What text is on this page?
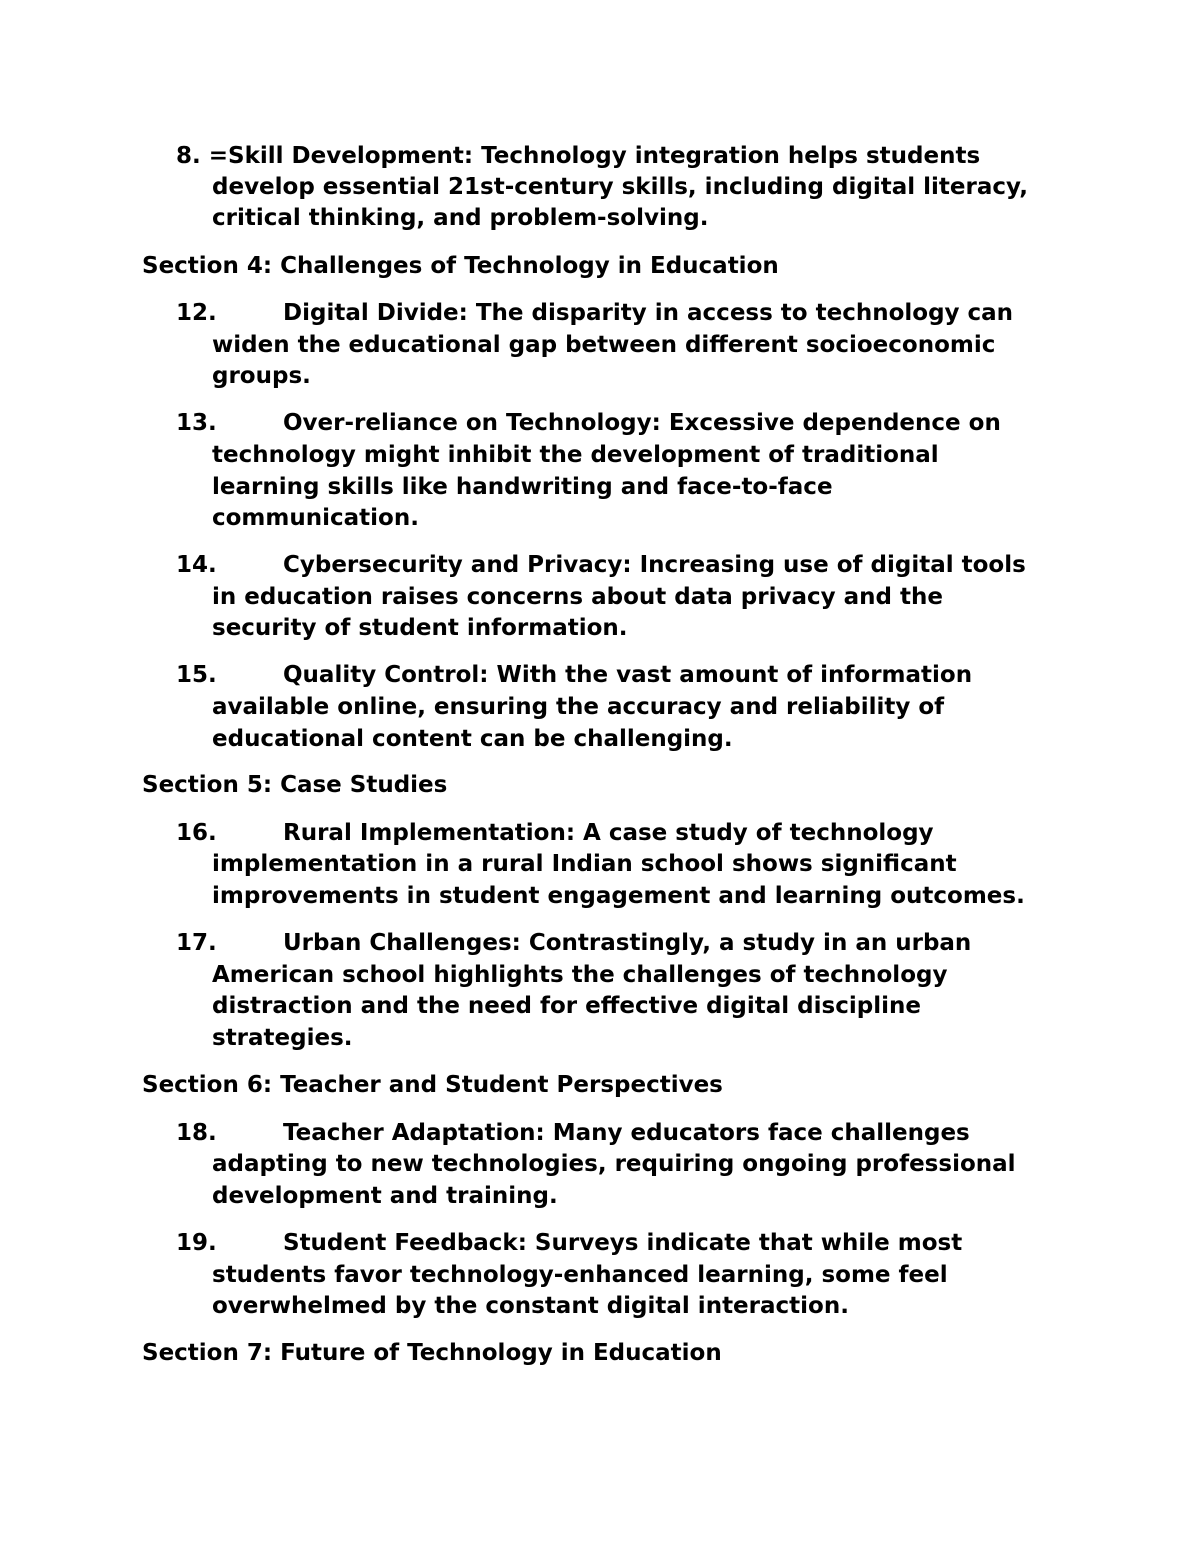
8. =Skill Development: Technology integration helps students
develop essential 21st-century skills, including digital literacy,
critical thinking, and problem-solving.
Section 4: Challenges of Technology in Education
12.	Digital Divide: The disparity in access to technology can
widen the educational gap between different socioeconomic
groups.
13.	Over-reliance on Technology: Excessive dependence on
technology might inhibit the development of traditional
learning skills like handwriting and face-to-face
communication.
14.	Cybersecurity and Privacy: Increasing use of digital tools
in education raises concerns about data privacy and the
security of student information.
15.	Quality Control: With the vast amount of information
available online, ensuring the accuracy and reliability of
educational content can be challenging.
Section 5: Case Studies
16.	Rural Implementation: A case study of technology
implementation in a rural Indian school shows significant
improvements in student engagement and learning outcomes.
17.	Urban Challenges: Contrastingly, a study in an urban
American school highlights the challenges of technology
distraction and the need for effective digital discipline
strategies.
Section 6: Teacher and Student Perspectives
18.	Teacher Adaptation: Many educators face challenges
adapting to new technologies, requiring ongoing professional
development and training.
19.	Student Feedback: Surveys indicate that while most
students favor technology-enhanced learning, some feel
overwhelmed by the constant digital interaction.
Section 7: Future of Technology in Education
